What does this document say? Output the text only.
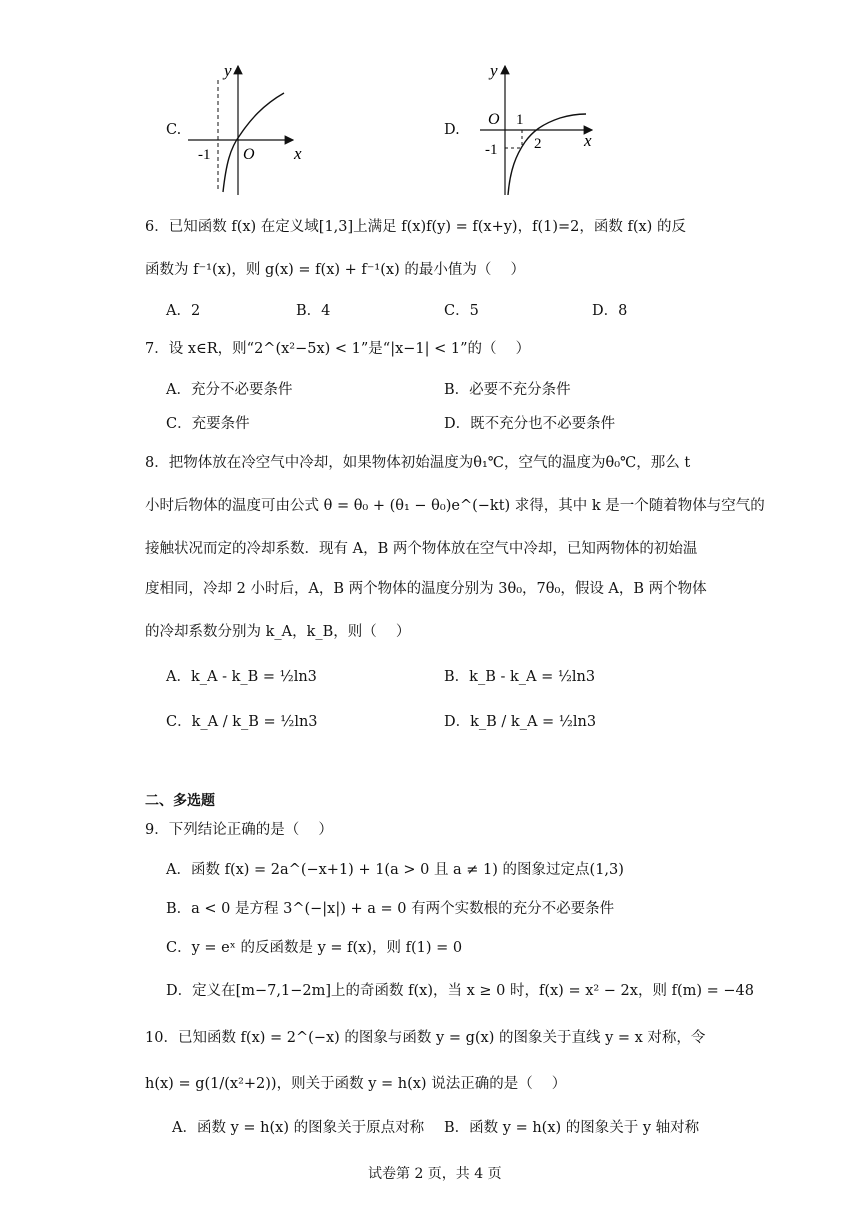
C.
y
x
O
-1
D.
y
x
O 1
2
-1
6．已知函数 f(x) 在定义域[1,3]上满足 f(x)f(y) = f(x+y)，f(1)=2，函数 f(x) 的反
函数为 f⁻¹(x)，则 g(x) = f(x) + f⁻¹(x) 的最小值为（　 ）
A．2	B．4	C．5	D．8
7．设 x∈R，则“2^(x²−5x) < 1”是“|x−1| < 1”的（　 ）
A．充分不必要条件	B．必要不充分条件
C．充要条件	D．既不充分也不必要条件
8．把物体放在冷空气中冷却，如果物体初始温度为θ₁℃，空气的温度为θ₀℃，那么 t
小时后物体的温度可由公式 θ = θ₀ + (θ₁ − θ₀)e^(−kt) 求得，其中 k 是一个随着物体与空气的
接触状况而定的冷却系数．现有 A，B 两个物体放在空气中冷却，已知两物体的初始温
度相同，冷却 2 小时后，A，B 两个物体的温度分别为 3θ₀，7θ₀，假设 A，B 两个物体
的冷却系数分别为 k_A，k_B，则（　 ）
A．k_A - k_B = ½ln3	B．k_B - k_A = ½ln3
C．k_A / k_B = ½ln3	D．k_B / k_A = ½ln3
二、多选题
9．下列结论正确的是（　 ）
A．函数 f(x) = 2a^(−x+1) + 1(a > 0 且 a ≠ 1) 的图象过定点(1,3)
B．a < 0 是方程 3^(−|x|) + a = 0 有两个实数根的充分不必要条件
C．y = eˣ 的反函数是 y = f(x)，则 f(1) = 0
D．定义在[m−7,1−2m]上的奇函数 f(x)，当 x ≥ 0 时，f(x) = x² − 2x，则 f(m) = −48
10．已知函数 f(x) = 2^(−x) 的图象与函数 y = g(x) 的图象关于直线 y = x 对称，令
h(x) = g(1/(x²+2))，则关于函数 y = h(x) 说法正确的是（　 ）
A．函数 y = h(x) 的图象关于原点对称 B．函数 y = h(x) 的图象关于 y 轴对称
试卷第 2 页，共 4 页
